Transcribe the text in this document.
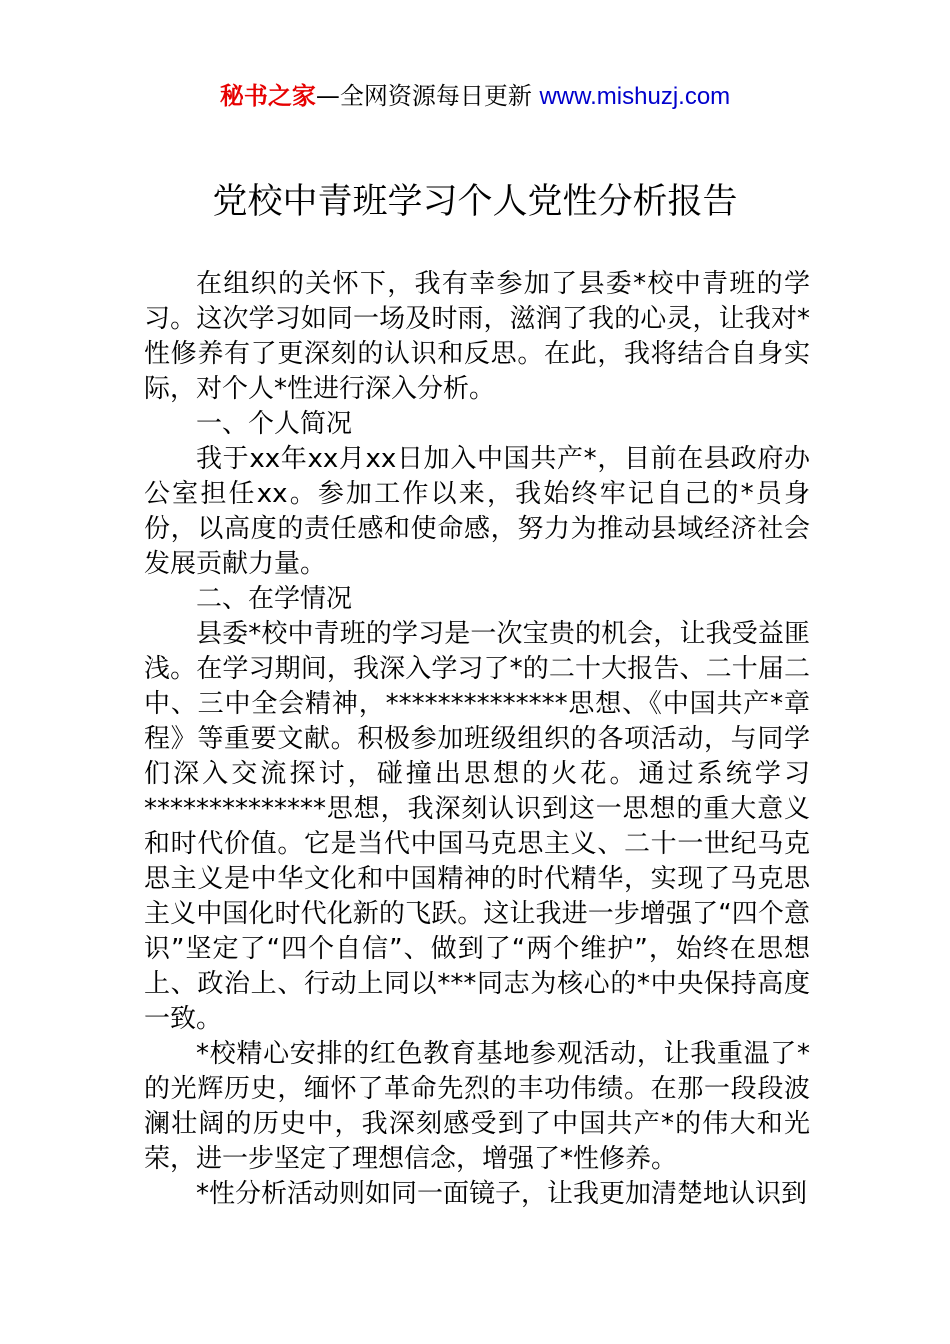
秘书之家—全网资源每日更新 www.mishuzj.com
党校中青班学习个人党性分析报告

在组织的关怀下，我有幸参加了县委*校中青班的学习。这次学习如同一场及时雨，滋润了我的心灵，让我对*性修养有了更深刻的认识和反思。在此，我将结合自身实际，对个人*性进行深入分析。

一、个人简况

我于xx年xx月xx日加入中国共产*，目前在县政府办公室担任xx。参加工作以来，我始终牢记自己的*员身份，以高度的责任感和使命感，努力为推动县域经济社会发展贡献力量。

二、在学情况

县委*校中青班的学习是一次宝贵的机会，让我受益匪浅。在学习期间，我深入学习了*的二十大报告、二十届二中、三中全会精神，**************思想、《中国共产*章程》等重要文献。积极参加班级组织的各项活动，与同学们深入交流探讨，碰撞出思想的火花。通过系统学习**************思想，我深刻认识到这一思想的重大意义和时代价值。它是当代中国马克思主义、二十一世纪马克思主义是中华文化和中国精神的时代精华，实现了马克思主义中国化时代化新的飞跃。这让我进一步增强了“四个意识”坚定了“四个自信”、做到了“两个维护”，始终在思想上、政治上、行动上同以***同志为核心的*中央保持高度一致。

*校精心安排的红色教育基地参观活动，让我重温了*的光辉历史，缅怀了革命先烈的丰功伟绩。在那一段段波澜壮阔的历史中，我深刻感受到了中国共产*的伟大和光荣，进一步坚定了理想信念，增强了*性修养。

*性分析活动则如同一面镜子，让我更加清楚地认识到
